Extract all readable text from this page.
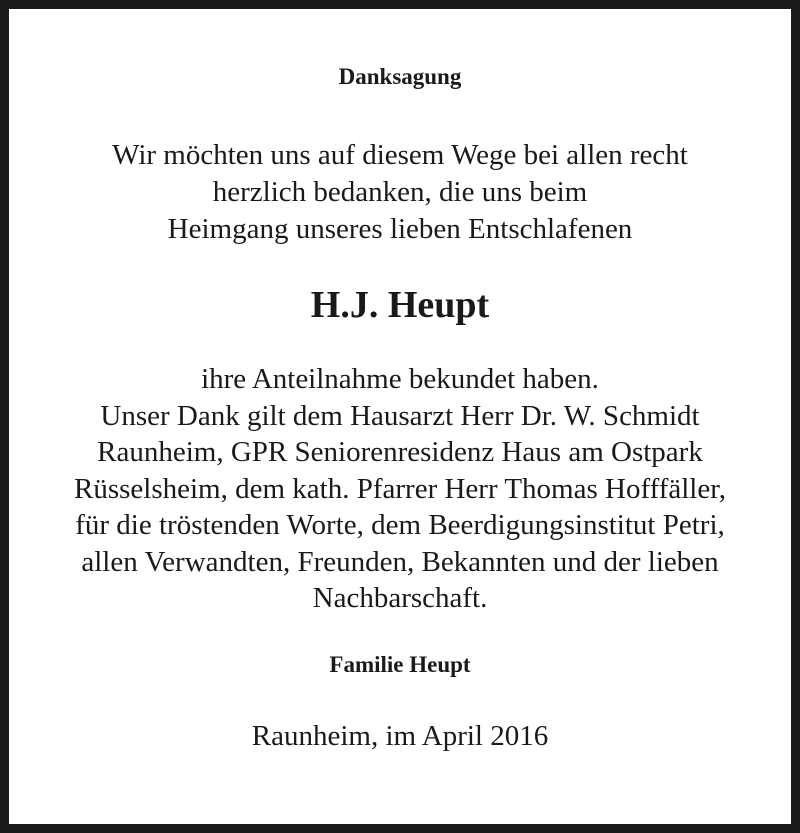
Danksagung

Wir möchten uns auf diesem Wege bei allen recht
herzlich bedanken, die uns beim
Heimgang unseres lieben Entschlafenen

H.J. Heupt

ihre Anteilnahme bekundet haben.
Unser Dank gilt dem Hausarzt Herr Dr. W. Schmidt
Raunheim, GPR Seniorenresidenz Haus am Ostpark
Rüsselsheim, dem kath. Pfarrer Herr Thomas Hofffäller,
für die tröstenden Worte, dem Beerdigungsinstitut Petri,
allen Verwandten, Freunden, Bekannten und der lieben
Nachbarschaft.

Familie Heupt

Raunheim, im April 2016
